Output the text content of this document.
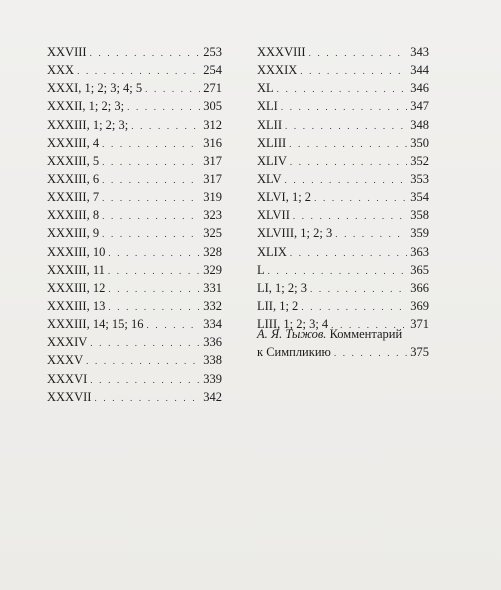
XXVIII . . .	253
XXX . . .	254
XXXI, 1; 2; 3; 4; 5 . . .	271
XXXII, 1; 2; 3; . . .	305
XXXIII, 1; 2; 3; . . .	312
XXXIII, 4 . . .	316
XXXIII, 5 . . .	317
XXXIII, 6 . . .	317
XXXIII, 7 . . .	319
XXXIII, 8 . . .	323
XXXIII, 9 . . .	325
XXXIII, 10 . . .	328
XXXIII, 11 . . .	329
XXXIII, 12 . . .	331
XXXIII, 13 . . .	332
XXXIII, 14; 15; 16 . . .	334
XXXIV . . .	336
XXXV . . .	338
XXXVI . . .	339
XXXVII . . .	342
XXXVIII . . .	343
XXXIX . . .	344
XL . . .	346
XLI . . .	347
XLII . . .	348
XLIII . . .	350
XLIV . . .	352
XLV . . .	353
XLVI, 1; 2 . . .	354
XLVII . . .	358
XLVIII, 1; 2; 3 . . .	359
XLIX . . .	363
L . . .	365
LI, 1; 2; 3 . . .	366
LII, 1; 2 . . .	369
LIII, 1; 2; 3; 4 . . .	371
А. Я. Тыжов.
Комментарий
к Симпликию . . .	375
